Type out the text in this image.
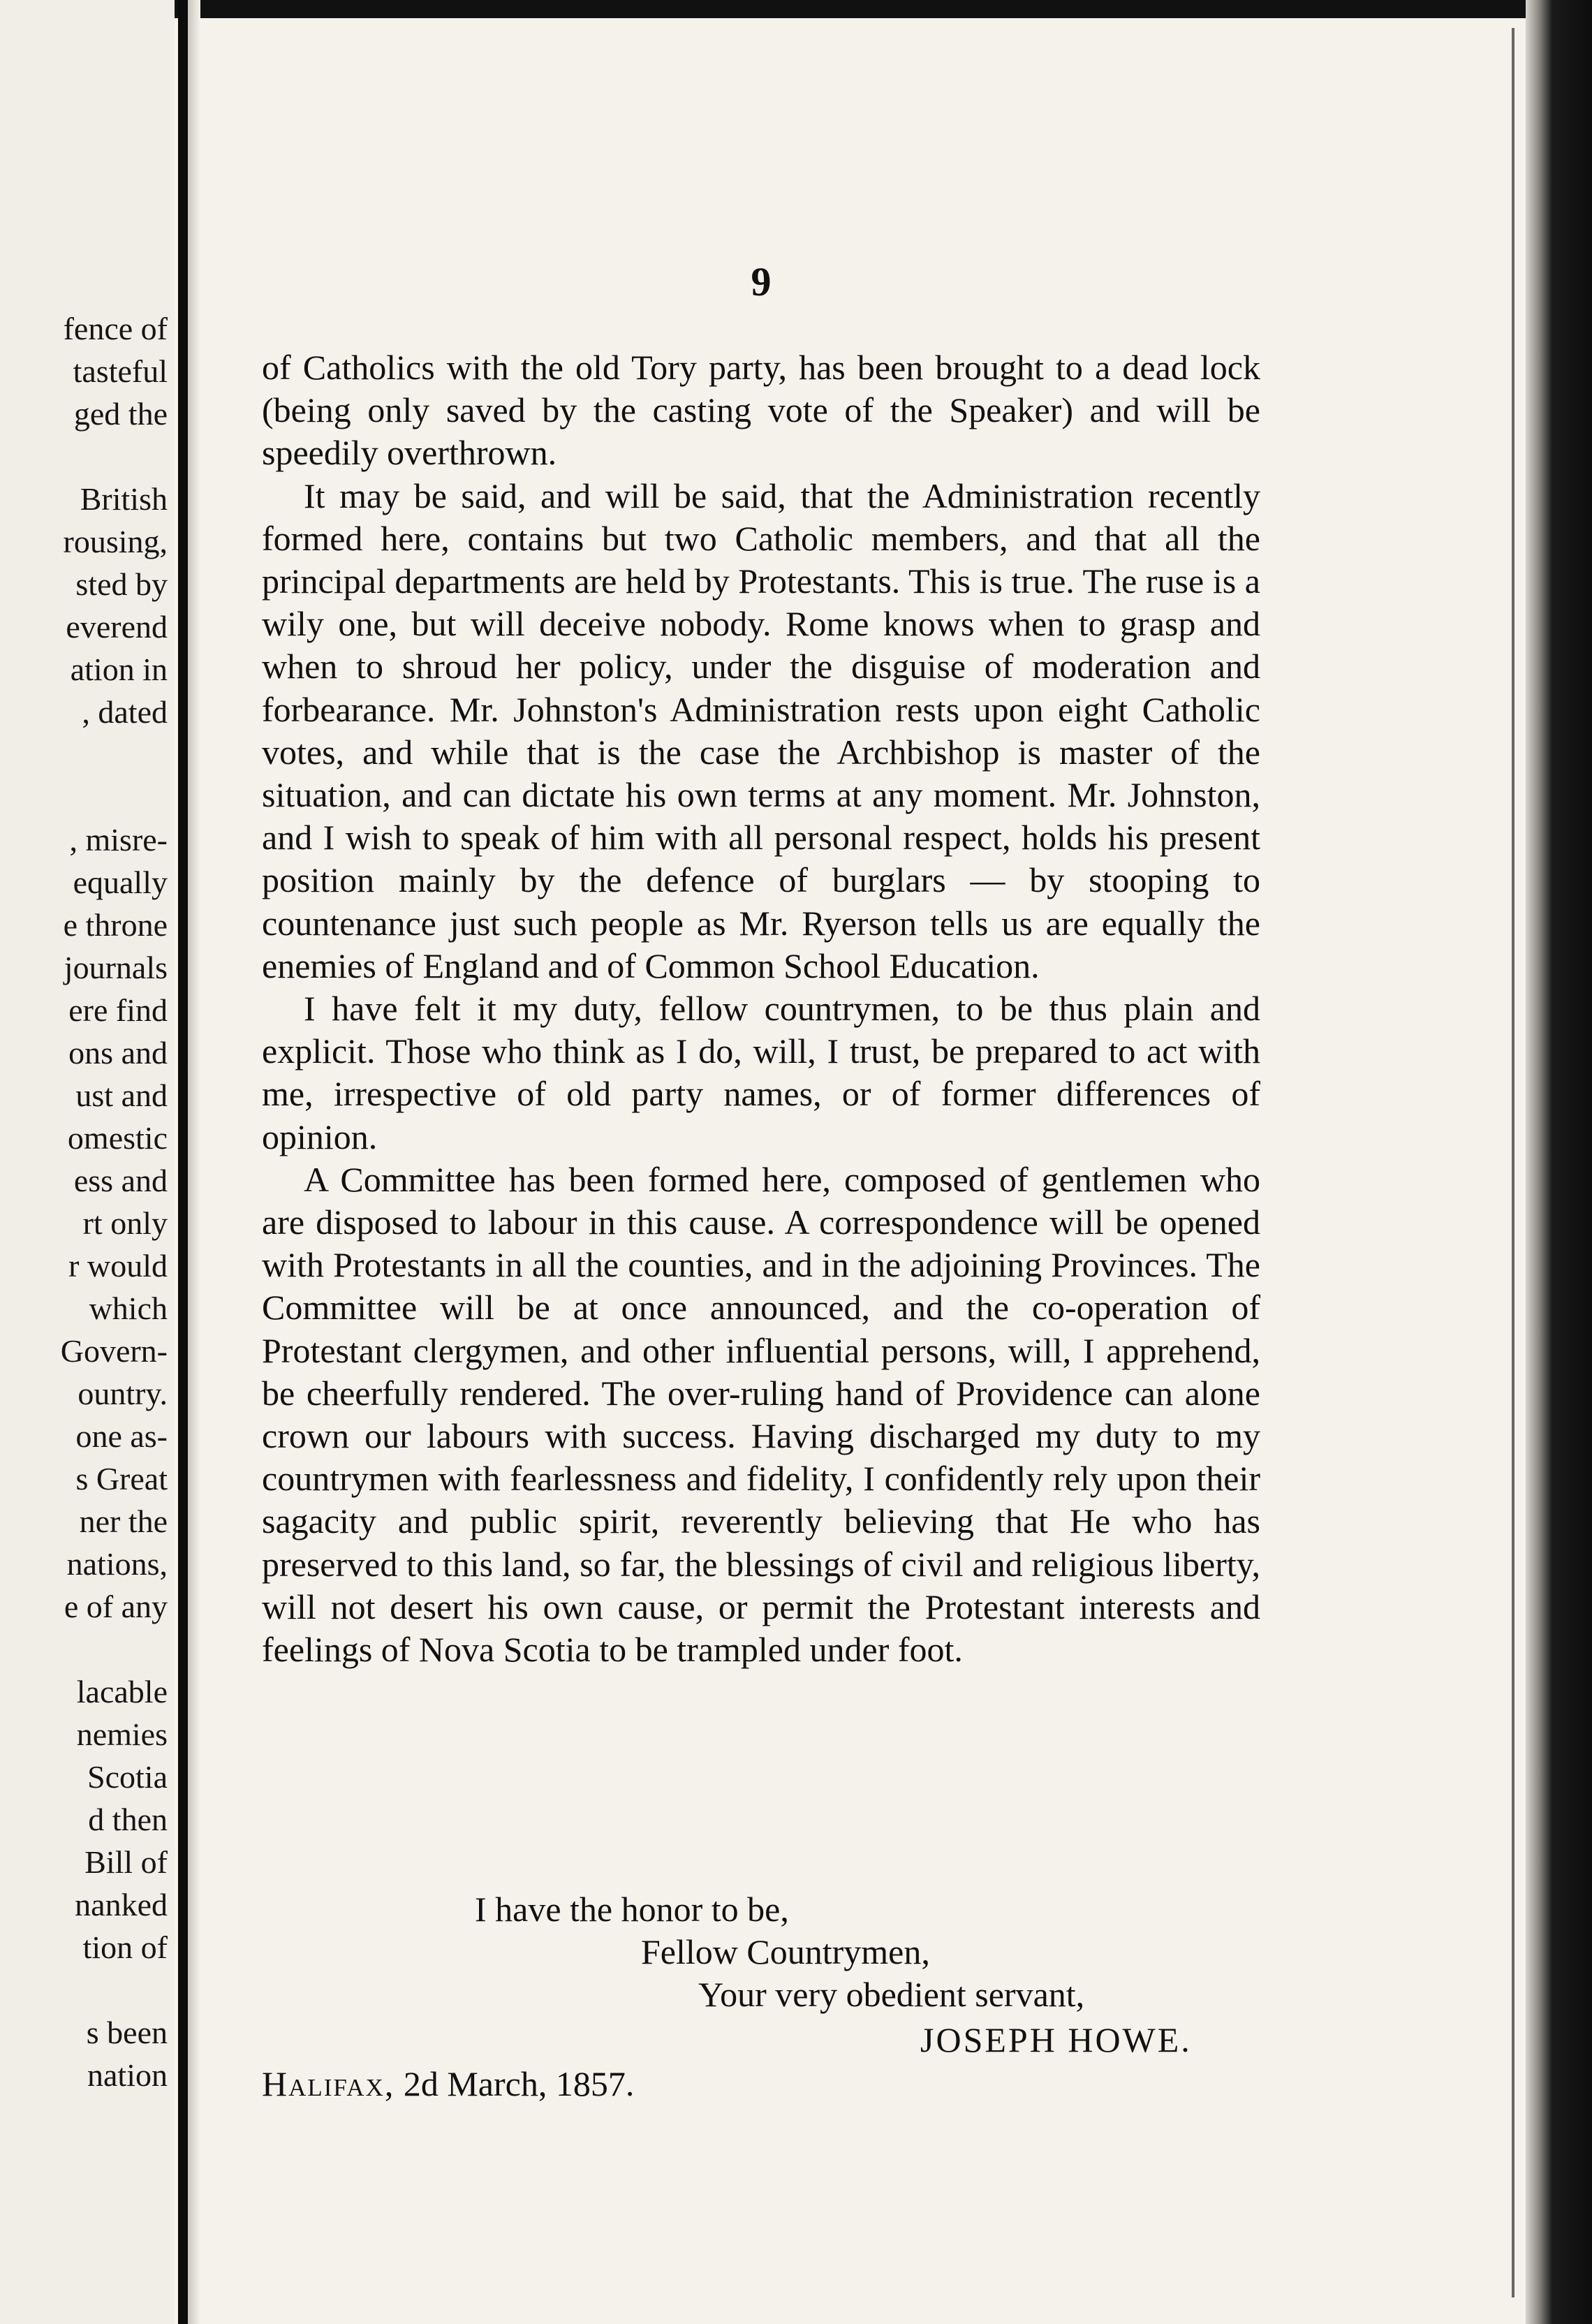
fence of
tasteful
ged the
British
rousing,
sted by
everend
ation in
, dated
, misre-
equally
e throne
journals
ere find
ons and
ust and
omestic
ess and
rt only
r would
which
Govern-
ountry.
one as-
s Great
ner the
nations,
e of any
lacable
nemies
Scotia
d then
Bill of
nanked
tion of
s been
nation
9

of Catholics with the old Tory party, has been brought to a dead lock (being only saved by the casting vote of the Speaker) and will be speedily overthrown.

It may be said, and will be said, that the Administration recently formed here, contains but two Catholic members, and that all the principal departments are held by Protestants. This is true. The ruse is a wily one, but will deceive nobody. Rome knows when to grasp and when to shroud her policy, under the disguise of moderation and forbearance. Mr. Johnston's Administration rests upon eight Catholic votes, and while that is the case the Archbishop is master of the situation, and can dictate his own terms at any moment. Mr. Johnston, and I wish to speak of him with all personal respect, holds his present position mainly by the defence of burglars — by stooping to countenance just such people as Mr. Ryerson tells us are equally the enemies of England and of Common School Education.

I have felt it my duty, fellow countrymen, to be thus plain and explicit. Those who think as I do, will, I trust, be prepared to act with me, irrespective of old party names, or of former differences of opinion.

A Committee has been formed here, composed of gentlemen who are disposed to labour in this cause. A correspondence will be opened with Protestants in all the counties, and in the adjoining Provinces. The Committee will be at once announced, and the co-operation of Protestant clergymen, and other influential persons, will, I apprehend, be cheerfully rendered. The over-ruling hand of Providence can alone crown our labours with success. Having discharged my duty to my countrymen with fearlessness and fidelity, I confidently rely upon their sagacity and public spirit, reverently believing that He who has preserved to this land, so far, the blessings of civil and religious liberty, will not desert his own cause, or permit the Protestant interests and feelings of Nova Scotia to be trampled under foot.

I have the honor to be,
Fellow Countrymen,
Your very obedient servant,
JOSEPH HOWE.
Halifax, 2d March, 1857.
